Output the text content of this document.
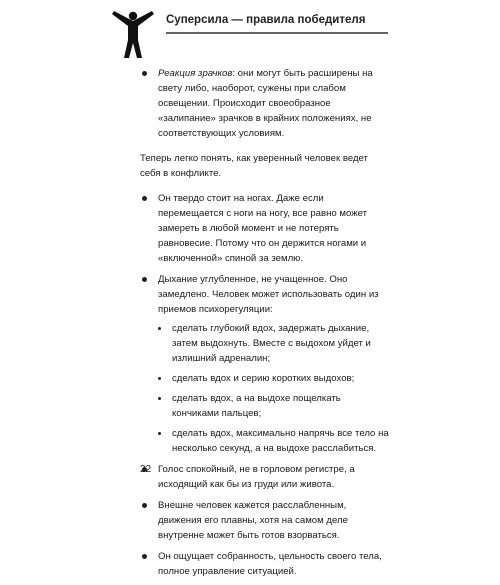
Суперсила — правила победителя
Реакция зрачков: они могут быть расширены на свету либо, наоборот, сужены при слабом освещении. Происходит своеобразное «залипание» зрачков в крайних положениях, не соответствующих условиям.

Теперь легко понять, как уверенный человек ведет себя в конфликте.

Он твердо стоит на ногах. Даже если перемещается с ноги на ногу, все равно может замереть в любой момент и не потерять равновесие. Потому что он держится ногами и «включенной» спиной за землю.
Дыхание углубленное, не учащенное. Оно замедлено. Человек может использовать один из приемов психорегуляции:
сделать глубокий вдох, задержать дыхание, затем выдохнуть. Вместе с выдохом уйдет и излишний адреналин;
сделать вдох и серию коротких выдохов;
сделать вдох, а на выдохе пощелкать кончиками пальцев;
сделать вдох, максимально напрячь все тело на несколько секунд, а на выдохе расслабиться.
Голос спокойный, не в горловом регистре, а исходящий как бы из груди или живота.
Внешне человек кажется расслабленным, движения его плавны, хотя на самом деле внутренне может быть готов взорваться.
Он ощущает собранность, цельность своего тела, полное управление ситуацией.
22
